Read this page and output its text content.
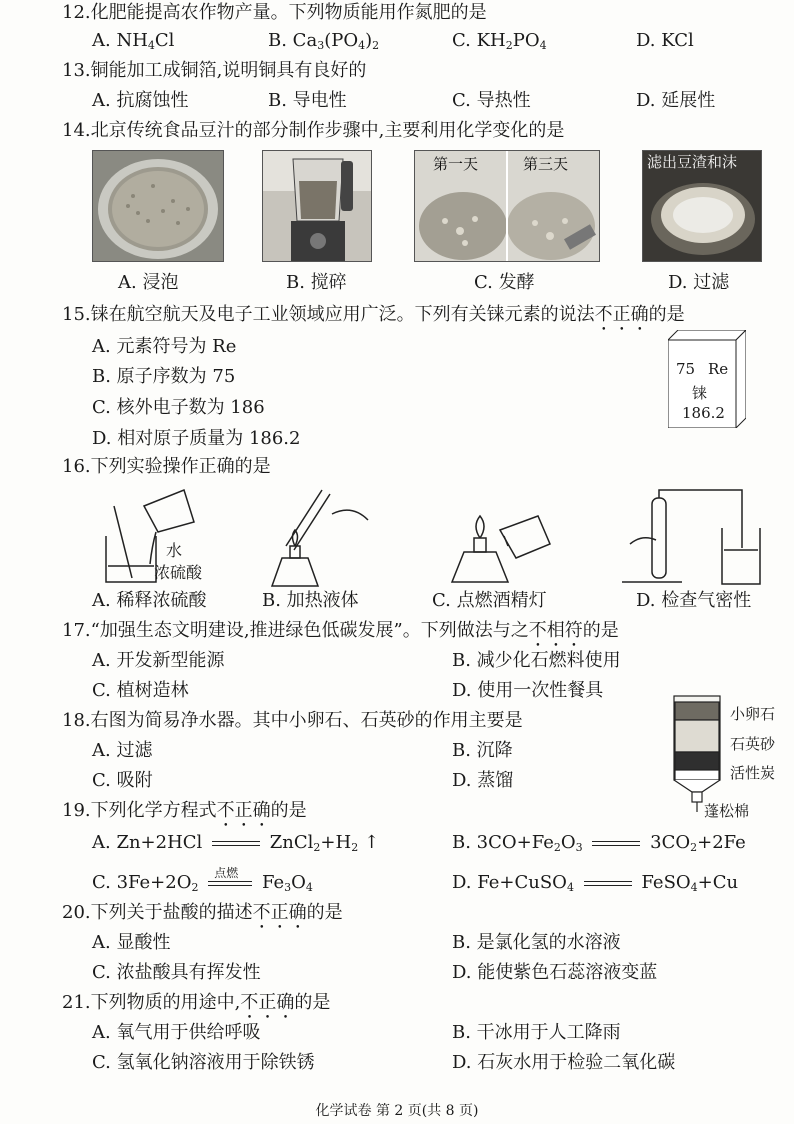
12.化肥能提高农作物产量。下列物质能用作氮肥的是
A. $NH_4Cl$	B. $Ca_3(PO_4)_2$	C. $KH_2PO_4$	D. KCl
13.铜能加工成铜箔,说明铜具有良好的
A. 抗腐蚀性	B. 导电性	C. 导热性	D. 延展性
14.北京传统食品豆汁的部分制作步骤中,主要利用化学变化的是
第一天	第三天	滤出豆渣和沫
A. 浸泡	B. 搅碎	C. 发酵	D. 过滤
15.铼在航空航天及电子工业领域应用广泛。下列有关铼元素的说法不正确的是
A. 元素符号为 Re
B. 原子序数为 75
C. 核外电子数为 186
D. 相对原子质量为 186.2
75 Re
铼
186.2
16.下列实验操作正确的是
水
浓硫酸
A. 稀释浓硫酸	B. 加热液体	C. 点燃酒精灯	D. 检查气密性
17.“加强生态文明建设,推进绿色低碳发展”。下列做法与之不相符的是
A. 开发新型能源	B. 减少化石燃料使用
C. 植树造林	D. 使用一次性餐具
18.右图为简易净水器。其中小卵石、石英砂的作用主要是
A. 过滤	B. 沉降
C. 吸附	D. 蒸馏
小卵石
石英砂
活性炭
蓬松棉
19.下列化学方程式不正确的是
A. Zn+2HCl	$ZnCl_2+H_2$ ↑	B. $3CO+Fe_2O_3$	$3CO_2+2Fe$
C. $3Fe+2O_2$
点燃 $Fe_3O_4$	D. Fe+CuSO$_4$	FeSO$_4$+Cu
20.下列关于盐酸的描述不正确的是
A. 显酸性	B. 是氯化氢的水溶液
C. 浓盐酸具有挥发性	D. 能使紫色石蕊溶液变蓝
21.下列物质的用途中,不正确的是
A. 氧气用于供给呼吸	B. 干冰用于人工降雨
C. 氢氧化钠溶液用于除铁锈	D. 石灰水用于检验二氧化碳
化学试卷 第 2 页(共 8 页)
